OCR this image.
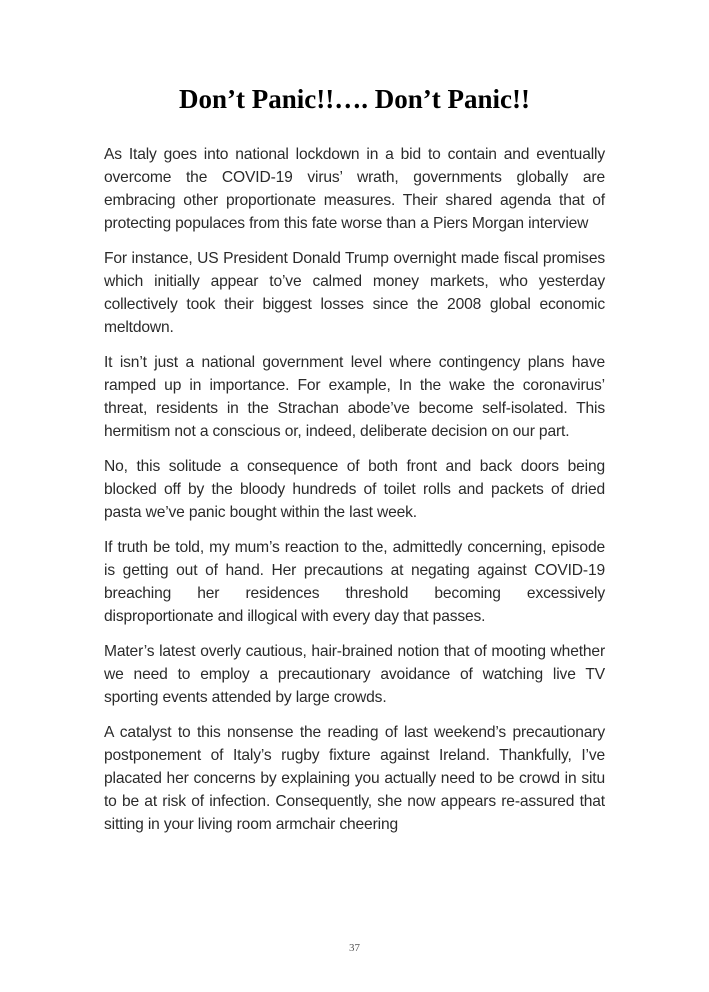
Don’t Panic!!…. Don’t Panic!!

As Italy goes into national lockdown in a bid to contain and eventually overcome the COVID-19 virus’ wrath, governments globally are embracing other proportionate measures. Their shared agenda that of protecting populaces from this fate worse than a Piers Morgan interview

For instance, US President Donald Trump overnight made fiscal promises which initially appear to’ve calmed money markets, who yesterday collectively took their biggest losses since the 2008 global economic meltdown.

It isn’t just a national government level where contingency plans have ramped up in importance. For example, In the wake the coronavirus’ threat, residents in the Strachan abode’ve become self-isolated. This hermitism not a conscious or, indeed, deliberate decision on our part.

No, this solitude a consequence of both front and back doors being blocked off by the bloody hundreds of toilet rolls and packets of dried pasta we’ve panic bought within the last week.

If truth be told, my mum’s reaction to the, admittedly concerning, episode is getting out of hand. Her precautions at negating against COVID-19 breaching her residences threshold becoming excessively disproportionate and illogical with every day that passes.

Mater’s latest overly cautious, hair-brained notion that of mooting whether we need to employ a precautionary avoidance of watching live TV sporting events attended by large crowds.

A catalyst to this nonsense the reading of last weekend’s precautionary postponement of Italy’s rugby fixture against Ireland. Thankfully, I’ve placated her concerns by explaining you actually need to be crowd in situ to be at risk of infection. Consequently, she now appears re-assured that sitting in your living room armchair cheering

37
